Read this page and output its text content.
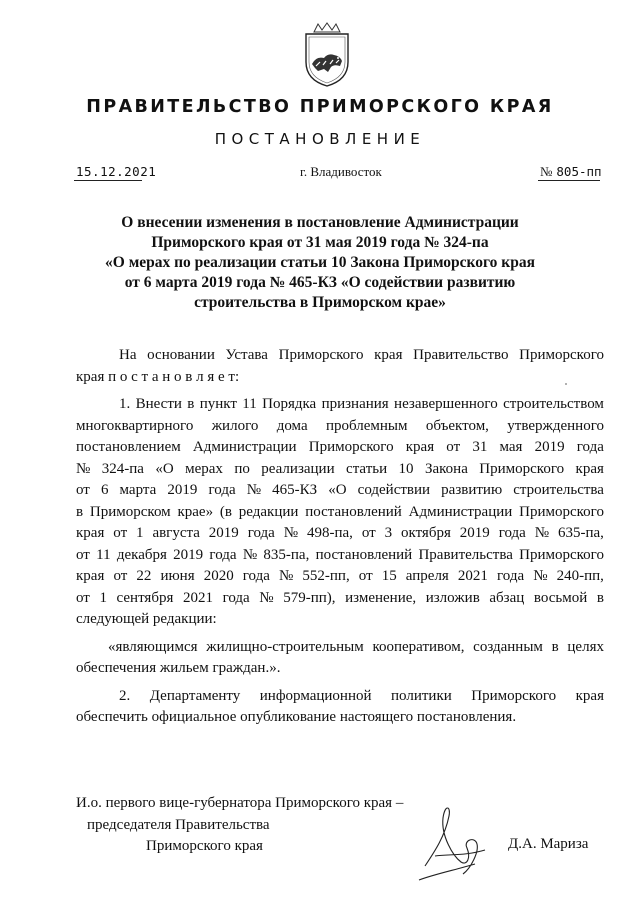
ПРАВИТЕЛЬСТВО ПРИМОРСКОГО КРАЯ
ПОСТАНОВЛЕНИЕ
15.12.2021	г. Владивосток	№ 805-пп
О внесении изменения в постановление Администрации
Приморского края от 31 мая 2019 года № 324-па
«О мерах по реализации статьи 10 Закона Приморского края
от 6 марта 2019 года № 465-КЗ «О содействии развитию
строительства в Приморском крае»
На основании Устава Приморского края Правительство Приморского
края п о с т а н о в л я е т:
1. Внести в пункт 11 Порядка признания незавершенного строительством
многоквартирного жилого дома проблемным объектом, утвержденного
постановлением Администрации Приморского края от 31 мая 2019 года
№ 324-па «О мерах по реализации статьи 10 Закона Приморского края
от 6 марта 2019 года № 465-КЗ «О содействии развитию строительства
в Приморском крае» (в редакции постановлений Администрации Приморского
края от 1 августа 2019 года № 498-па, от 3 октября 2019 года № 635-па,
от 11 декабря 2019 года № 835-па, постановлений Правительства Приморского
края от 22 июня 2020 года № 552-пп, от 15 апреля 2021 года № 240-пп,
от 1 сентября 2021 года № 579-пп), изменение, изложив абзац восьмой в
следующей редакции:
«являющимся жилищно-строительным кооперативом, созданным в целях
обеспечения жильем граждан.».
2. Департаменту информационной политики Приморского края
обеспечить официальное опубликование настоящего постановления.
И.о. первого вице-губернатора Приморского края –
председателя Правительства
Приморского края	Д.А. Мариза
